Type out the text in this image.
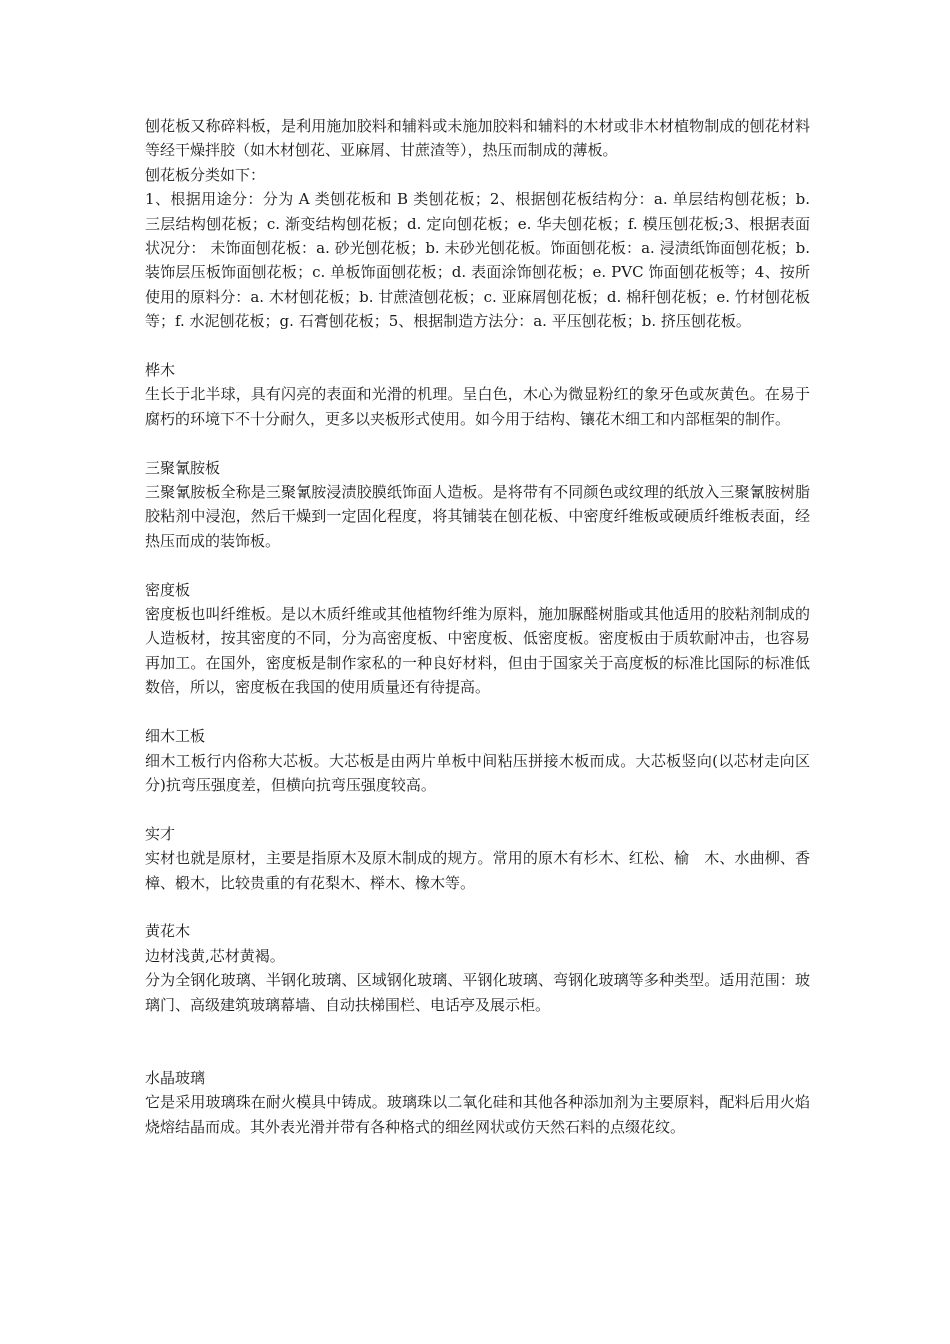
刨花板又称碎料板，是利用施加胶料和辅料或未施加胶料和辅料的木材或非木材植物制成的刨花材料等经干燥拌胶（如木材刨花、亚麻屑、甘蔗渣等），热压而制成的薄板。

刨花板分类如下：

1、根据用途分：分为 A 类刨花板和 B 类刨花板；2、根据刨花板结构分：a. 单层结构刨花板；b. 三层结构刨花板；c. 渐变结构刨花板；d. 定向刨花板；e. 华夫刨花板；f. 模压刨花板;3、根据表面状况分： 未饰面刨花板：a. 砂光刨花板；b. 未砂光刨花板。饰面刨花板：a. 浸渍纸饰面刨花板；b. 装饰层压板饰面刨花板；c. 单板饰面刨花板；d. 表面涂饰刨花板；e. PVC 饰面刨花板等；4、按所使用的原料分：a. 木材刨花板；b. 甘蔗渣刨花板；c. 亚麻屑刨花板；d. 棉秆刨花板；e. 竹材刨花板等；f. 水泥刨花板；g. 石膏刨花板；5、根据制造方法分：a. 平压刨花板；b. 挤压刨花板。

桦木

生长于北半球，具有闪亮的表面和光滑的机理。呈白色，木心为微显粉红的象牙色或灰黄色。在易于腐朽的环境下不十分耐久，更多以夹板形式使用。如今用于结构、镶花木细工和内部框架的制作。

三聚氰胺板

三聚氰胺板全称是三聚氰胺浸渍胶膜纸饰面人造板。是将带有不同颜色或纹理的纸放入三聚氰胺树脂胶粘剂中浸泡，然后干燥到一定固化程度，将其铺装在刨花板、中密度纤维板或硬质纤维板表面，经热压而成的装饰板。

密度板

密度板也叫纤维板。是以木质纤维或其他植物纤维为原料，施加脲醛树脂或其他适用的胶粘剂制成的人造板材，按其密度的不同，分为高密度板、中密度板、低密度板。密度板由于质软耐冲击，也容易再加工。在国外，密度板是制作家私的一种良好材料，但由于国家关于高度板的标准比国际的标准低数倍，所以，密度板在我国的使用质量还有待提高。

细木工板

细木工板行内俗称大芯板。大芯板是由两片单板中间粘压拼接木板而成。大芯板竖向(以芯材走向区分)抗弯压强度差，但横向抗弯压强度较高。

实才

实材也就是原材，主要是指原木及原木制成的规方。常用的原木有杉木、红松、榆　木、水曲柳、香樟、椴木，比较贵重的有花梨木、榉木、橡木等。

黄花木

边材浅黄,芯材黄褐。

分为全钢化玻璃、半钢化玻璃、区域钢化玻璃、平钢化玻璃、弯钢化玻璃等多种类型。适用范围：玻璃门、高级建筑玻璃幕墙、自动扶梯围栏、电话亭及展示柜。

水晶玻璃

它是采用玻璃珠在耐火模具中铸成。玻璃珠以二氧化硅和其他各种添加剂为主要原料，配料后用火焰烧熔结晶而成。其外表光滑并带有各种格式的细丝网状或仿天然石料的点缀花纹。
